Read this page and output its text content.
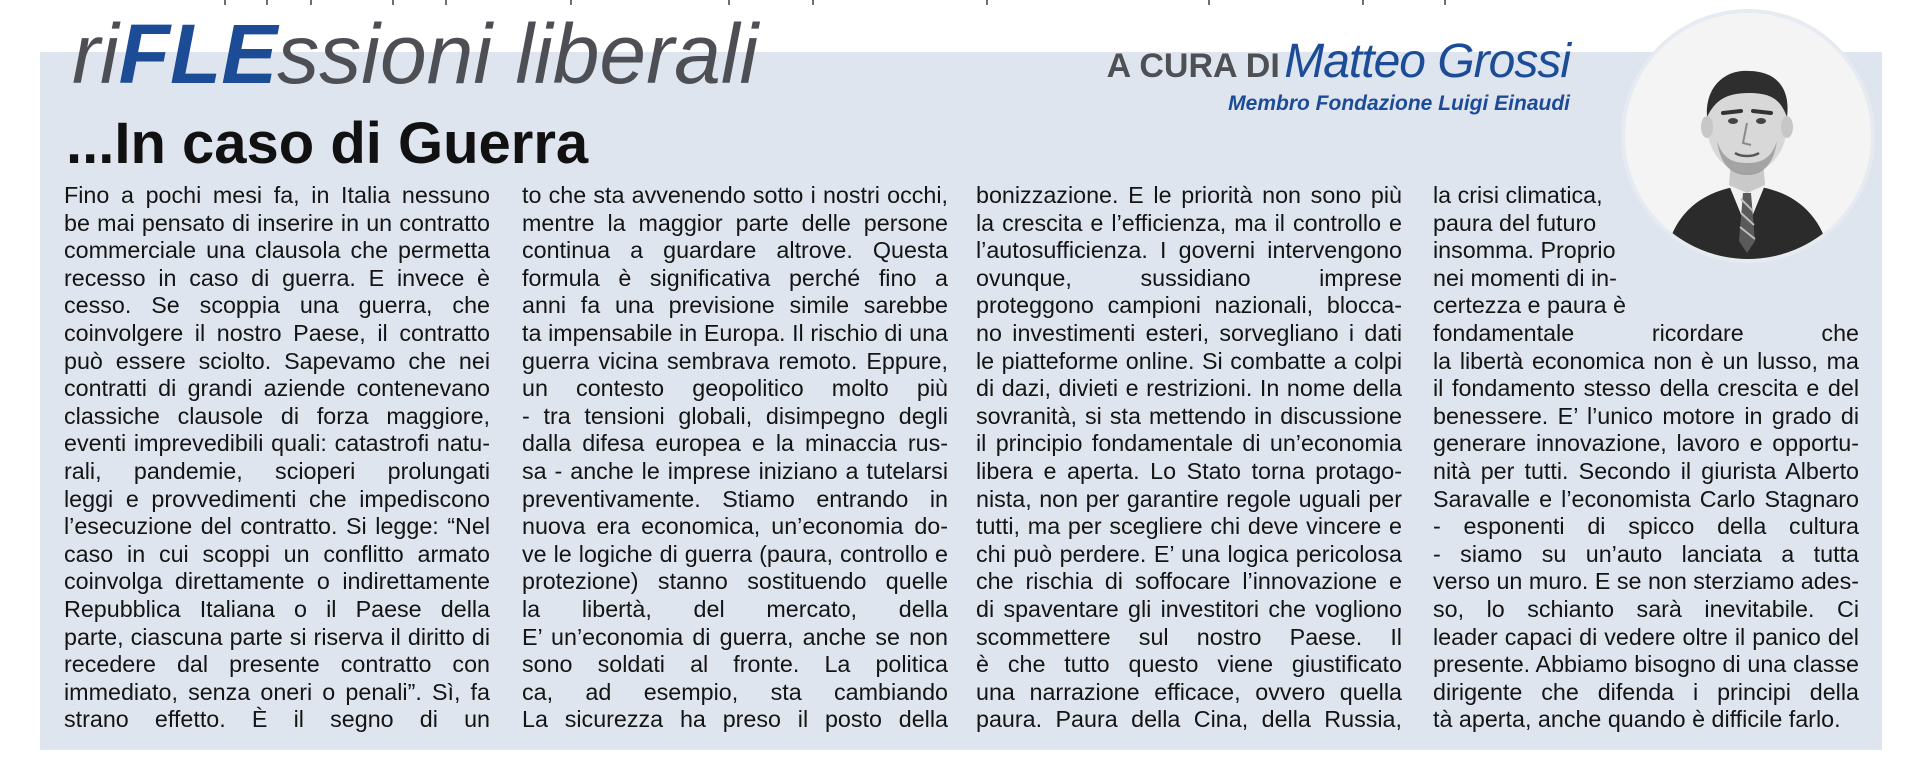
riFLEssioni liberali	A CURA DI Matteo Grossi
Membro Fondazione Luigi Einaudi
...In caso di Guerra
Fino a pochi mesi fa, in Italia nessuno
be mai pensato di inserire in un contratto
commerciale una clausola che permetta
recesso in caso di guerra. E invece è
cesso. Se scoppia una guerra, che
coinvolgere il nostro Paese, il contratto
può essere sciolto. Sapevamo che nei
contratti di grandi aziende contenevano
classiche clausole di forza maggiore,
eventi imprevedibili quali: catastrofi natu-
rali, pandemie, scioperi prolungati
leggi e provvedimenti che impediscono
l’esecuzione del contratto. Si legge: “Nel
caso in cui scoppi un conflitto armato
coinvolga direttamente o indirettamente
Repubblica Italiana o il Paese della
parte, ciascuna parte si riserva il diritto di
recedere dal presente contratto con
immediato, senza oneri o penali”. Sì, fa
strano effetto. È il segno di un
to che sta avvenendo sotto i nostri occhi,
mentre la maggior parte delle persone
continua a guardare altrove. Questa
formula è significativa perché fino a
anni fa una previsione simile sarebbe
ta impensabile in Europa. Il rischio di una
guerra vicina sembrava remoto. Eppure,
un contesto geopolitico molto più
- tra tensioni globali, disimpegno degli
dalla difesa europea e la minaccia rus-
sa - anche le imprese iniziano a tutelarsi
preventivamente. Stiamo entrando in
nuova era economica, un’economia do-
ve le logiche di guerra (paura, controllo e
protezione) stanno sostituendo quelle
la libertà, del mercato, della
E’ un’economia di guerra, anche se non
sono soldati al fronte. La politica
ca, ad esempio, sta cambiando
La sicurezza ha preso il posto della
bonizzazione. E le priorità non sono più
la crescita e l’efficienza, ma il controllo e
l’autosufficienza. I governi intervengono
ovunque, sussidiano imprese
proteggono campioni nazionali, blocca-
no investimenti esteri, sorvegliano i dati
le piatteforme online. Si combatte a colpi
di dazi, divieti e restrizioni. In nome della
sovranità, si sta mettendo in discussione
il principio fondamentale di un’economia
libera e aperta. Lo Stato torna protago-
nista, non per garantire regole uguali per
tutti, ma per scegliere chi deve vincere e
chi può perdere. E’ una logica pericolosa
che rischia di soffocare l’innovazione e
di spaventare gli investitori che vogliono
scommettere sul nostro Paese. Il
è che tutto questo viene giustificato
una narrazione efficace, ovvero quella
paura. Paura della Cina, della Russia,
la crisi climatica,
paura del futuro
insomma. Proprio
nei momenti di in-
certezza e paura è
fondamentale ricordare che
la libertà economica non è un lusso, ma
il fondamento stesso della crescita e del
benessere. E’ l’unico motore in grado di
generare innovazione, lavoro e opportu-
nità per tutti. Secondo il giurista Alberto
Saravalle e l’economista Carlo Stagnaro
- esponenti di spicco della cultura
- siamo su un’auto lanciata a tutta
verso un muro. E se non sterziamo ades-
so, lo schianto sarà inevitabile. Ci
leader capaci di vedere oltre il panico del
presente. Abbiamo bisogno di una classe
dirigente che difenda i principi della
tà aperta, anche quando è difficile farlo.
